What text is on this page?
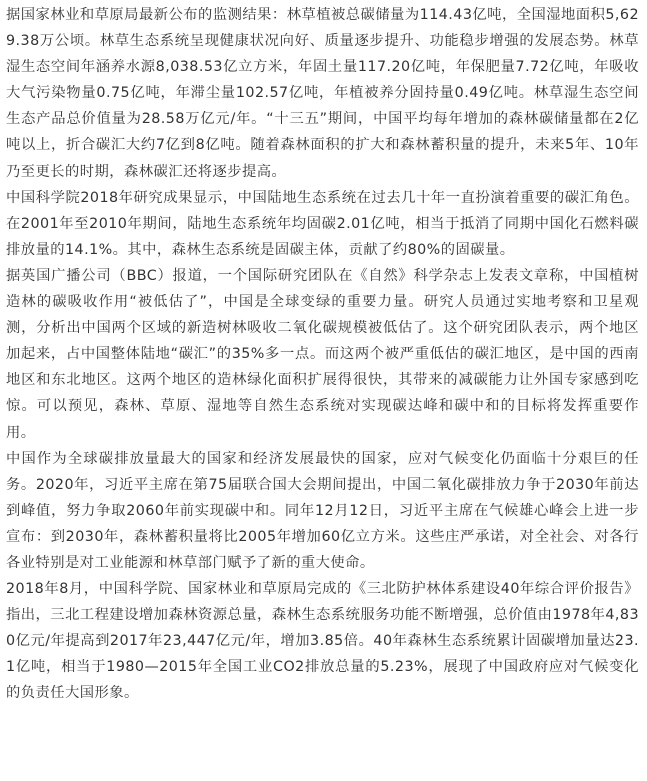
据国家林业和草原局最新公布的监测结果：林草植被总碳储量为114.43亿吨，全国湿地面积5,629.38万公顷。林草生态系统呈现健康状况向好、质量逐步提升、功能稳步增强的发展态势。林草湿生态空间年涵养水源8,038.53亿立方米，年固土量117.20亿吨，年保肥量7.72亿吨，年吸收大气污染物量0.75亿吨，年滞尘量102.57亿吨，年植被养分固持量0.49亿吨。林草湿生态空间生态产品总价值量为28.58万亿元/年。“十三五”期间，中国平均每年增加的森林碳储量都在2亿吨以上，折合碳汇大约7亿到8亿吨。随着森林面积的扩大和森林蓄积量的提升，未来5年、10年乃至更长的时期，森林碳汇还将逐步提高。

中国科学院2018年研究成果显示，中国陆地生态系统在过去几十年一直扮演着重要的碳汇角色。在2001年至2010年期间，陆地生态系统年均固碳2.01亿吨，相当于抵消了同期中国化石燃料碳排放量的14.1%。其中，森林生态系统是固碳主体，贡献了约80%的固碳量。

据英国广播公司（BBC）报道，一个国际研究团队在《自然》科学杂志上发表文章称，中国植树造林的碳吸收作用“被低估了”，中国是全球变绿的重要力量。研究人员通过实地考察和卫星观测，分析出中国两个区域的新造树林吸收二氧化碳规模被低估了。这个研究团队表示，两个地区加起来，占中国整体陆地“碳汇”的35%多一点。而这两个被严重低估的碳汇地区，是中国的西南地区和东北地区。这两个地区的造林绿化面积扩展得很快，其带来的减碳能力让外国专家感到吃惊。可以预见，森林、草原、湿地等自然生态系统对实现碳达峰和碳中和的目标将发挥重要作用。

中国作为全球碳排放量最大的国家和经济发展最快的国家，应对气候变化仍面临十分艰巨的任务。2020年，习近平主席在第75届联合国大会期间提出，中国二氧化碳排放力争于2030年前达到峰值，努力争取2060年前实现碳中和。同年12月12日，习近平主席在气候雄心峰会上进一步宣布：到2030年，森林蓄积量将比2005年增加60亿立方米。这些庄严承诺，对全社会、对各行各业特别是对工业能源和林草部门赋予了新的重大使命。

2018年8月，中国科学院、国家林业和草原局完成的《三北防护林体系建设40年综合评价报告》指出，三北工程建设增加森林资源总量，森林生态系统服务功能不断增强，总价值由1978年4,830亿元/年提高到2017年23,447亿元/年，增加3.85倍。40年森林生态系统累计固碳增加量达23.1亿吨，相当于1980—2015年全国工业CO2排放总量的5.23%，展现了中国政府应对气候变化的负责任大国形象。
